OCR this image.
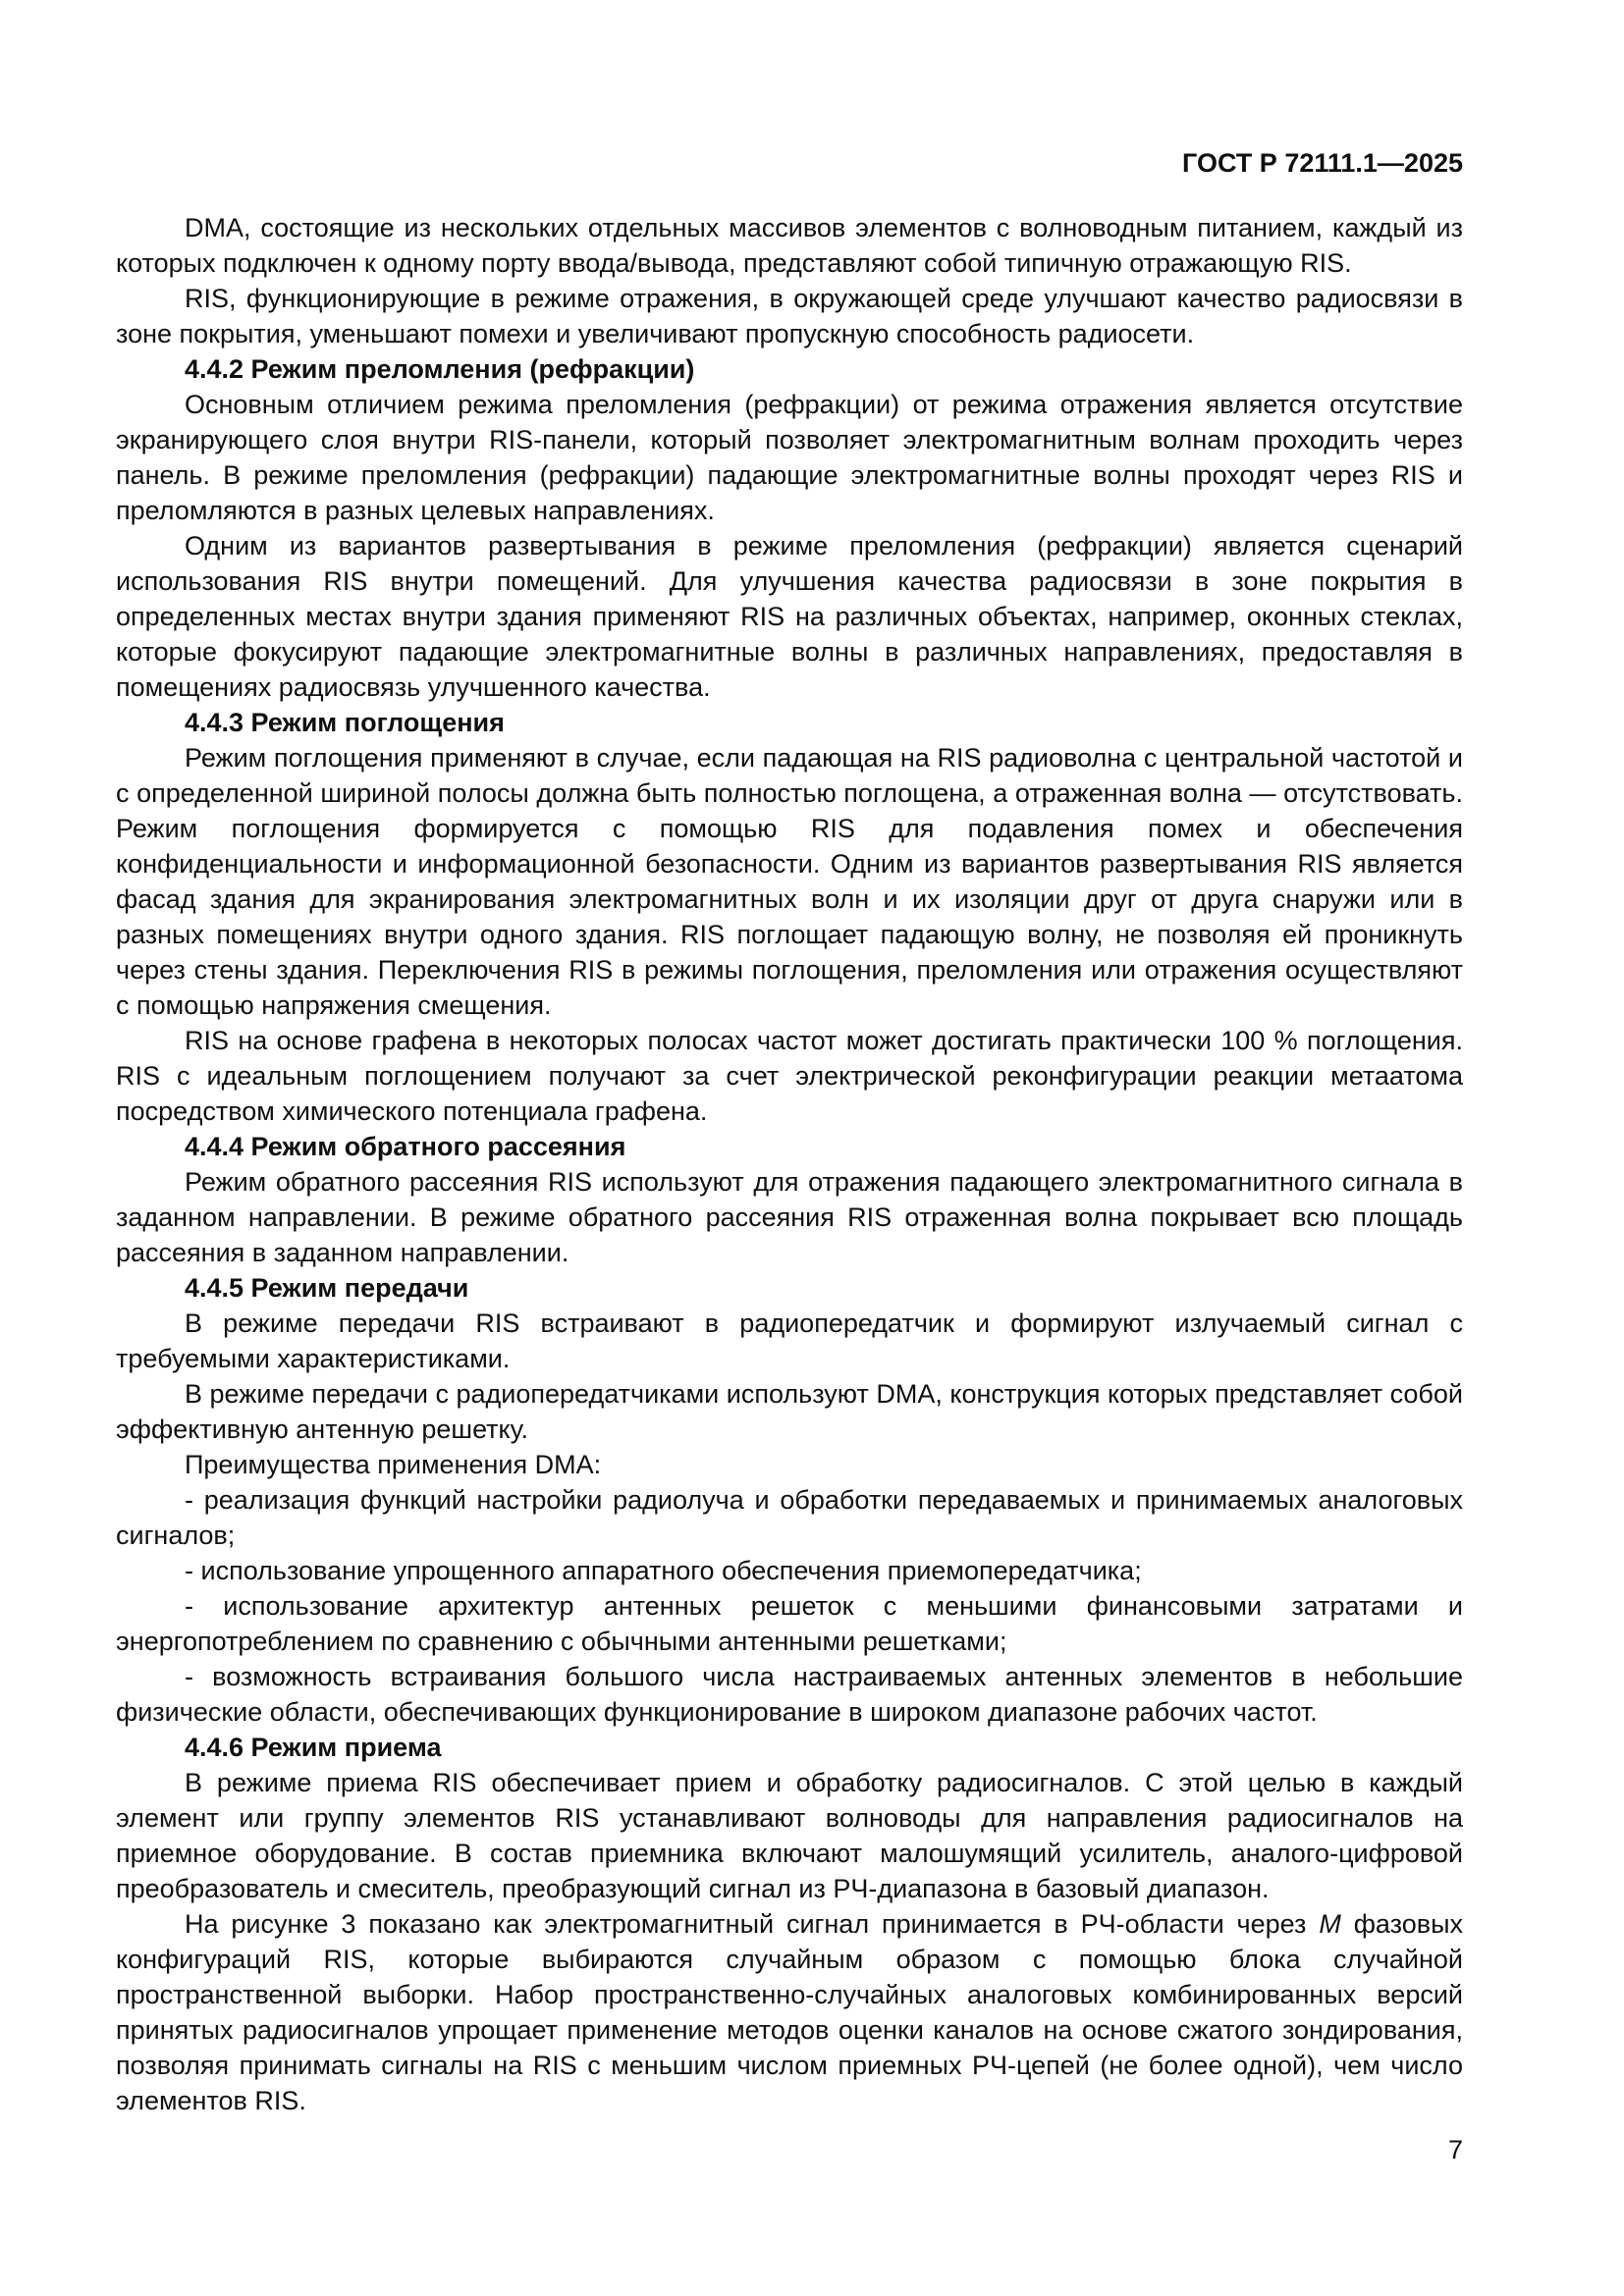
ГОСТ Р 72111.1—2025

DMA, состоящие из нескольких отдельных массивов элементов с волноводным питанием, каждый из которых подключен к одному порту ввода/вывода, представляют собой типичную отражающую RIS.

RIS, функционирующие в режиме отражения, в окружающей среде улучшают качество радиосвязи в зоне покрытия, уменьшают помехи и увеличивают пропускную способность радиосети.

4.4.2 Режим преломления (рефракции)

Основным отличием режима преломления (рефракции) от режима отражения является отсутствие экранирующего слоя внутри RIS-панели, который позволяет электромагнитным волнам проходить через панель. В режиме преломления (рефракции) падающие электромагнитные волны проходят через RIS и преломляются в разных целевых направлениях.

Одним из вариантов развертывания в режиме преломления (рефракции) является сценарий использования RIS внутри помещений. Для улучшения качества радиосвязи в зоне покрытия в определенных местах внутри здания применяют RIS на различных объектах, например, оконных стеклах, которые фокусируют падающие электромагнитные волны в различных направлениях, предоставляя в помещениях радиосвязь улучшенного качества.

4.4.3 Режим поглощения

Режим поглощения применяют в случае, если падающая на RIS радиоволна с центральной частотой и с определенной шириной полосы должна быть полностью поглощена, а отраженная волна — отсутствовать. Режим поглощения формируется с помощью RIS для подавления помех и обеспечения конфиденциальности и информационной безопасности. Одним из вариантов развертывания RIS является фасад здания для экранирования электромагнитных волн и их изоляции друг от друга снаружи или в разных помещениях внутри одного здания. RIS поглощает падающую волну, не позволяя ей проникнуть через стены здания. Переключения RIS в режимы поглощения, преломления или отражения осуществляют с помощью напряжения смещения.

RIS на основе графена в некоторых полосах частот может достигать практически 100 % поглощения. RIS с идеальным поглощением получают за счет электрической реконфигурации реакции метаатома посредством химического потенциала графена.

4.4.4 Режим обратного рассеяния

Режим обратного рассеяния RIS используют для отражения падающего электромагнитного сигнала в заданном направлении. В режиме обратного рассеяния RIS отраженная волна покрывает всю площадь рассеяния в заданном направлении.

4.4.5 Режим передачи

В режиме передачи RIS встраивают в радиопередатчик и формируют излучаемый сигнал с требуемыми характеристиками.

В режиме передачи с радиопередатчиками используют DMA, конструкция которых представляет собой эффективную антенную решетку.

Преимущества применения DMA:

- реализация функций настройки радиолуча и обработки передаваемых и принимаемых аналоговых сигналов;

- использование упрощенного аппаратного обеспечения приемопередатчика;

- использование архитектур антенных решеток с меньшими финансовыми затратами и энергопотреблением по сравнению с обычными антенными решетками;

- возможность встраивания большого числа настраиваемых антенных элементов в небольшие физические области, обеспечивающих функционирование в широком диапазоне рабочих частот.

4.4.6 Режим приема

В режиме приема RIS обеспечивает прием и обработку радиосигналов. С этой целью в каждый элемент или группу элементов RIS устанавливают волноводы для направления радиосигналов на приемное оборудование. В состав приемника включают малошумящий усилитель, аналого-цифровой преобразователь и смеситель, преобразующий сигнал из РЧ-диапазона в базовый диапазон.

На рисунке 3 показано как электромагнитный сигнал принимается в РЧ-области через M фазовых конфигураций RIS, которые выбираются случайным образом с помощью блока случайной пространственной выборки. Набор пространственно-случайных аналоговых комбинированных версий принятых радиосигналов упрощает применение методов оценки каналов на основе сжатого зондирования, позволяя принимать сигналы на RIS с меньшим числом приемных РЧ-цепей (не более одной), чем число элементов RIS.

7
